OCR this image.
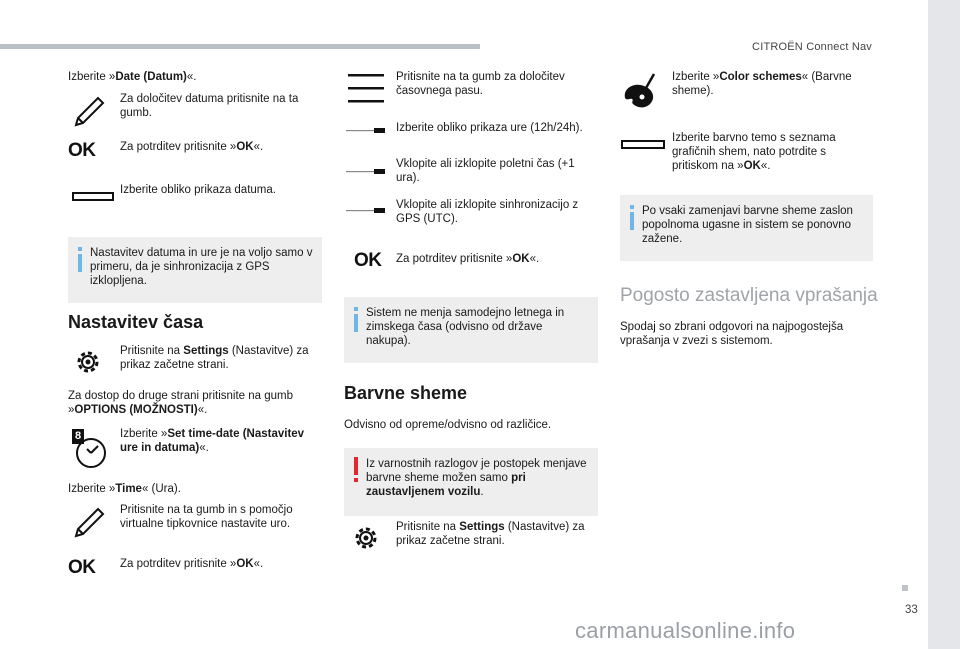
CITROËN Connect Nav
33
carmanualsonline.info
Izberite »Date (Datum)«.
Za določitev datuma pritisnite na ta gumb.
OK	Za potrditev pritisnite »OK«.
Izberite obliko prikaza datuma.
Nastavitev datuma in ure je na voljo samo v primeru, da je sinhronizacija z GPS izklopljena.
Nastavitev časa
Pritisnite na Settings (Nastavitve) za prikaz začetne strani.
Za dostop do druge strani pritisnite na gumb »OPTIONS (MOŽNOSTI)«.
8	Izberite »Set time-date (Nastavitev ure in datuma)«.
Izberite »Time« (Ura).
Pritisnite na ta gumb in s pomočjo virtualne tipkovnice nastavite uro.
OK	Za potrditev pritisnite »OK«.
Pritisnite na ta gumb za določitev časovnega pasu.
Izberite obliko prikaza ure (12h/24h).
Vklopite ali izklopite poletni čas (+1 ura).
Vklopite ali izklopite sinhronizacijo z GPS (UTC).
OK	Za potrditev pritisnite »OK«.
Sistem ne menja samodejno letnega in zimskega časa (odvisno od države nakupa).
Barvne sheme
Odvisno od opreme/odvisno od različice.
Iz varnostnih razlogov je postopek menjave barvne sheme možen samo pri zaustavljenem vozilu.
Pritisnite na Settings (Nastavitve) za prikaz začetne strani.
Izberite »Color schemes« (Barvne sheme).
Izberite barvno temo s seznama grafičnih shem, nato potrdite s pritiskom na »OK«.
Po vsaki zamenjavi barvne sheme zaslon popolnoma ugasne in sistem se ponovno zažene.
Pogosto zastavljena vprašanja
Spodaj so zbrani odgovori na najpogostejša vprašanja v zvezi s sistemom.
